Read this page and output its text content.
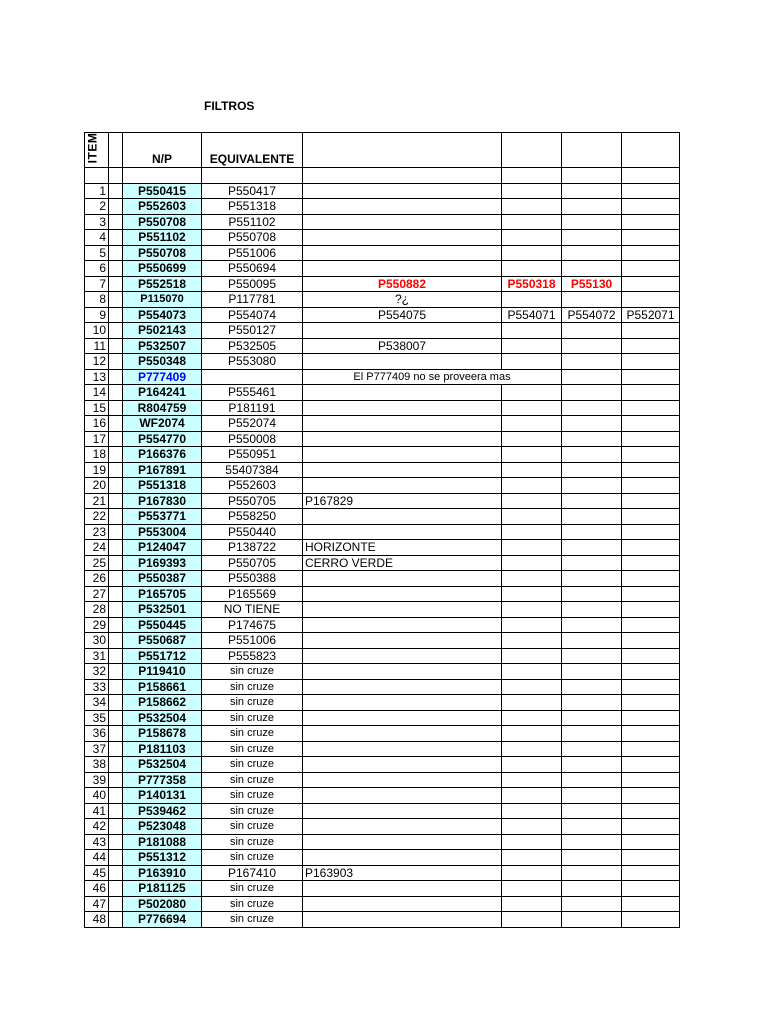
FILTROS
ITEM		N/P	EQUIVALENTE				

1		P550415	P550417				
2		P552603	P551318				
3		P550708	P551102				
4		P551102	P550708				
5		P550708	P551006				
6		P550699	P550694				
7		P552518	P550095	P550882	P550318	P55130	
8		P115070	P117781	?¿			
9		P554073	P554074	P554075	P554071	P554072	P552071
10		P502143	P550127				
11		P532507	P532505	P538007			
12		P550348	P553080				
13		P777409		El P777409 no se proveera mas			
14		P164241	P555461				
15		R804759	P181191				
16		WF2074	P552074				
17		P554770	P550008				
18		P166376	P550951				
19		P167891	55407384				
20		P551318	P552603				
21		P167830	P550705	P167829			
22		P553771	P558250				
23		P553004	P550440				
24		P124047	P138722	HORIZONTE			
25		P169393	P550705	CERRO VERDE			
26		P550387	P550388				
27		P165705	P165569				
28		P532501	NO TIENE				
29		P550445	P174675				
30		P550687	P551006				
31		P551712	P555823				
32		P119410	sin cruze				
33		P158661	sin cruze				
34		P158662	sin cruze				
35		P532504	sin cruze				
36		P158678	sin cruze				
37		P181103	sin cruze				
38		P532504	sin cruze				
39		P777358	sin cruze				
40		P140131	sin cruze				
41		P539462	sin cruze				
42		P523048	sin cruze				
43		P181088	sin cruze				
44		P551312	sin cruze				
45		P163910	P167410	P163903			
46		P181125	sin cruze				
47		P502080	sin cruze				
48		P776694	sin cruze				
